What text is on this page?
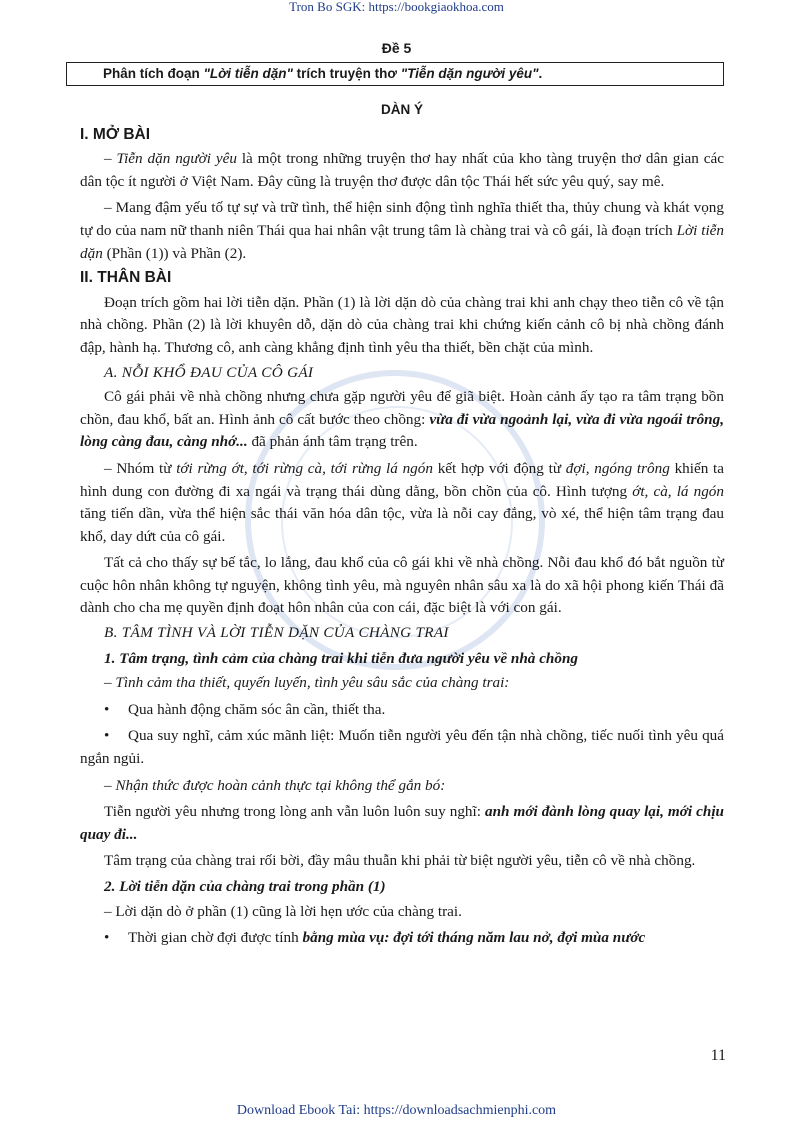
Tron Bo SGK: https://bookgiaokhoa.com
Đề 5
Phân tích đoạn "Lời tiễn dặn" trích truyện thơ "Tiễn dặn người yêu".
DÀN Ý
I. MỞ BÀI

– Tiễn dặn người yêu là một trong những truyện thơ hay nhất của kho tàng truyện thơ dân gian các dân tộc ít người ở Việt Nam. Đây cũng là truyện thơ được dân tộc Thái hết sức yêu quý, say mê.

– Mang đậm yếu tố tự sự và trữ tình, thể hiện sinh động tình nghĩa thiết tha, thủy chung và khát vọng tự do của nam nữ thanh niên Thái qua hai nhân vật trung tâm là chàng trai và cô gái, là đoạn trích Lời tiễn dặn (Phần (1)) và Phần (2).

II. THÂN BÀI

Đoạn trích gồm hai lời tiễn dặn. Phần (1) là lời dặn dò của chàng trai khi anh chạy theo tiễn cô về tận nhà chồng. Phần (2) là lời khuyên dỗ, dặn dò của chàng trai khi chứng kiến cảnh cô bị nhà chồng đánh đập, hành hạ. Thương cô, anh càng khẳng định tình yêu tha thiết, bền chặt của mình.

A. NỖI KHỔ ĐAU CỦA CÔ GÁI

Cô gái phải về nhà chồng nhưng chưa gặp người yêu để giã biệt. Hoàn cảnh ấy tạo ra tâm trạng bồn chồn, đau khổ, bất an. Hình ảnh cô cất bước theo chồng: vừa đi vừa ngoảnh lại, vừa đi vừa ngoái trông, lòng càng đau, càng nhớ... đã phản ánh tâm trạng trên.

– Nhóm từ tới rừng ớt, tới rừng cà, tới rừng lá ngón kết hợp với động từ đợi, ngóng trông khiến ta hình dung con đường đi xa ngái và trạng thái dùng dằng, bồn chồn của cô. Hình tượng ớt, cà, lá ngón tăng tiến dần, vừa thể hiện sắc thái văn hóa dân tộc, vừa là nỗi cay đắng, vò xé, thể hiện tâm trạng đau khổ, day dứt của cô gái.

Tất cả cho thấy sự bế tắc, lo lắng, đau khổ của cô gái khi về nhà chồng. Nỗi đau khổ đó bắt nguồn từ cuộc hôn nhân không tự nguyện, không tình yêu, mà nguyên nhân sâu xa là do xã hội phong kiến Thái đã dành cho cha mẹ quyền định đoạt hôn nhân của con cái, đặc biệt là với con gái.

B. TÂM TÌNH VÀ LỜI TIỄN DẶN CỦA CHÀNG TRAI
1. Tâm trạng, tình cảm của chàng trai khi tiễn đưa người yêu về nhà chồng

– Tình cảm tha thiết, quyến luyến, tình yêu sâu sắc của chàng trai:

• Qua hành động chăm sóc ân cần, thiết tha.

• Qua suy nghĩ, cảm xúc mãnh liệt: Muốn tiễn người yêu đến tận nhà chồng, tiếc nuối tình yêu quá ngắn ngủi.

– Nhận thức được hoàn cảnh thực tại không thể gắn bó:

Tiễn người yêu nhưng trong lòng anh vẫn luôn luôn suy nghĩ: anh mới đành lòng quay lại, mới chịu quay đi...

Tâm trạng của chàng trai rối bời, đầy mâu thuẫn khi phải từ biệt người yêu, tiễn cô về nhà chồng.

2. Lời tiễn dặn của chàng trai trong phần (1)

– Lời dặn dò ở phần (1) cũng là lời hẹn ước của chàng trai.

• Thời gian chờ đợi được tính bằng mùa vụ: đợi tới tháng năm lau nở, đợi mùa nước

11
Download Ebook Tai: https://downloadsachmienphi.com
